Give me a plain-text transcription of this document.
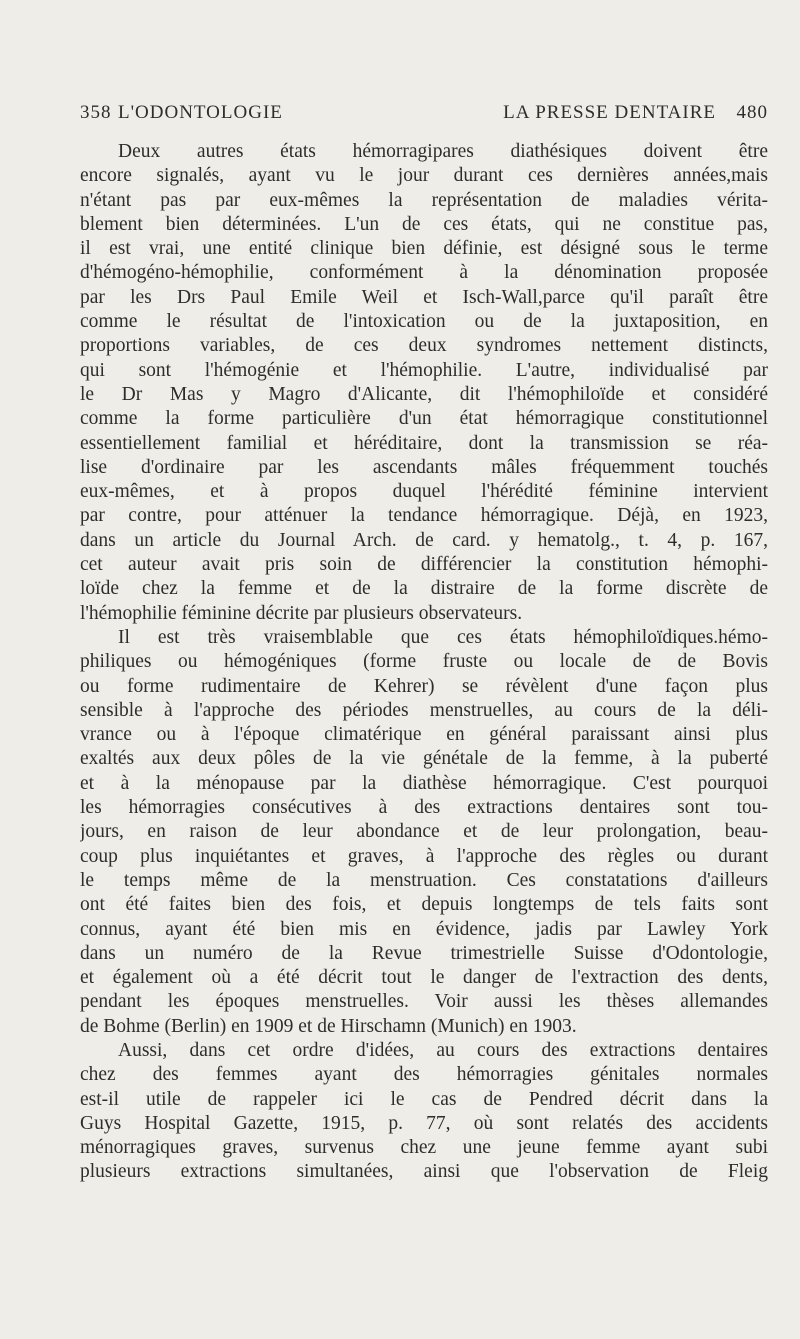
358 L'ODONTOLOGIE	LA PRESSE DENTAIRE 480
Deux autres états hémorragipares diathésiques doivent être
encore signalés, ayant vu le jour durant ces dernières années,mais
n'étant pas par eux-mêmes la représentation de maladies vérita-
blement bien déterminées. L'un de ces états, qui ne constitue pas,
il est vrai, une entité clinique bien définie, est désigné sous le terme
d'hémogéno-hémophilie, conformément à la dénomination proposée
par les Drs Paul Emile Weil et Isch-Wall,parce qu'il paraît être
comme le résultat de l'intoxication ou de la juxtaposition, en
proportions variables, de ces deux syndromes nettement distincts,
qui sont l'hémogénie et l'hémophilie. L'autre, individualisé par
le Dr Mas y Magro d'Alicante, dit l'hémophiloïde et considéré
comme la forme particulière d'un état hémorragique constitutionnel
essentiellement familial et héréditaire, dont la transmission se réa-
lise d'ordinaire par les ascendants mâles fréquemment touchés
eux-mêmes, et à propos duquel l'hérédité féminine intervient
par contre, pour atténuer la tendance hémorragique. Déjà, en 1923,
dans un article du Journal Arch. de card. y hematolg., t. 4, p. 167,
cet auteur avait pris soin de différencier la constitution hémophi-
loïde chez la femme et de la distraire de la forme discrète de
l'hémophilie féminine décrite par plusieurs observateurs.
Il est très vraisemblable que ces états hémophiloïdiques.hémo-
philiques ou hémogéniques (forme fruste ou locale de de Bovis
ou forme rudimentaire de Kehrer) se révèlent d'une façon plus
sensible à l'approche des périodes menstruelles, au cours de la déli-
vrance ou à l'époque climatérique en général paraissant ainsi plus
exaltés aux deux pôles de la vie génétale de la femme, à la puberté
et à la ménopause par la diathèse hémorragique. C'est pourquoi
les hémorragies consécutives à des extractions dentaires sont tou-
jours, en raison de leur abondance et de leur prolongation, beau-
coup plus inquiétantes et graves, à l'approche des règles ou durant
le temps même de la menstruation. Ces constatations d'ailleurs
ont été faites bien des fois, et depuis longtemps de tels faits sont
connus, ayant été bien mis en évidence, jadis par Lawley York
dans un numéro de la Revue trimestrielle Suisse d'Odontologie,
et également où a été décrit tout le danger de l'extraction des dents,
pendant les époques menstruelles. Voir aussi les thèses allemandes
de Bohme (Berlin) en 1909 et de Hirschamn (Munich) en 1903.
Aussi, dans cet ordre d'idées, au cours des extractions dentaires
chez des femmes ayant des hémorragies génitales normales
est-il utile de rappeler ici le cas de Pendred décrit dans la
Guys Hospital Gazette, 1915, p. 77, où sont relatés des accidents
ménorragiques graves, survenus chez une jeune femme ayant subi
plusieurs extractions simultanées, ainsi que l'observation de Fleig
